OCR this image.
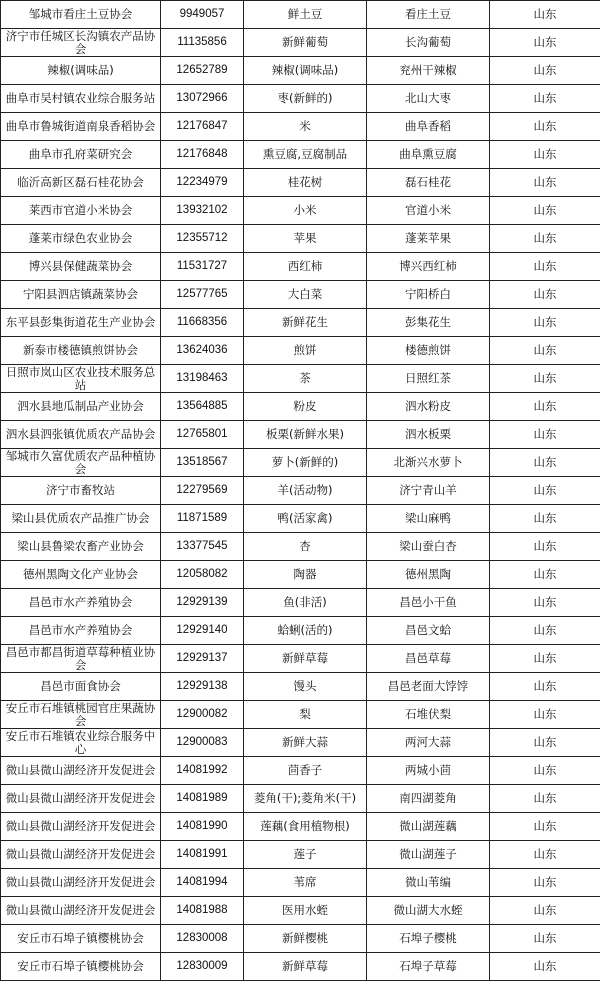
邹城市看庄土豆协会	9949057	鲜土豆	看庄土豆	山东
济宁市任城区长沟镇农产品协会	11135856	新鲜葡萄	长沟葡萄	山东
辣椒(调味品)	12652789	辣椒(调味品)	兖州干辣椒	山东
曲阜市吴村镇农业综合服务站	13072966	枣(新鲜的)	北山大枣	山东
曲阜市鲁城街道南泉香稻协会	12176847	米	曲阜香稻	山东
曲阜市孔府菜研究会	12176848	熏豆腐,豆腐制品	曲阜熏豆腐	山东
临沂高新区磊石桂花协会	12234979	桂花树	磊石桂花	山东
莱西市官道小米协会	13932102	小米	官道小米	山东
蓬莱市绿色农业协会	12355712	苹果	蓬莱苹果	山东
博兴县保健蔬菜协会	11531727	西红柿	博兴西红柿	山东
宁阳县泗店镇蔬菜协会	12577765	大白菜	宁阳桥白	山东
东平县彭集街道花生产业协会	11668356	新鲜花生	彭集花生	山东
新泰市楼德镇煎饼协会	13624036	煎饼	楼德煎饼	山东
日照市岚山区农业技术服务总站	13198463	茶	日照红茶	山东
泗水县地瓜制品产业协会	13564885	粉皮	泗水粉皮	山东
泗水县泗张镇优质农产品协会	12765801	板栗(新鲜水果)	泗水板栗	山东
邹城市久富优质农产品种植协会	13518567	萝卜(新鲜的)	北渐兴水萝卜	山东
济宁市畜牧站	12279569	羊(活动物)	济宁青山羊	山东
梁山县优质农产品推广协会	11871589	鸭(活家禽)	梁山麻鸭	山东
梁山县鲁梁农畜产业协会	13377545	杏	梁山蚕白杏	山东
德州黑陶文化产业协会	12058082	陶器	德州黑陶	山东
昌邑市水产养殖协会	12929139	鱼(非活)	昌邑小干鱼	山东
昌邑市水产养殖协会	12929140	蛤蜊(活的)	昌邑文蛤	山东
昌邑市都昌街道草莓种植业协会	12929137	新鲜草莓	昌邑草莓	山东
昌邑市面食协会	12929138	馒头	昌邑老面大饽饽	山东
安丘市石堆镇桃园官庄果蔬协会	12900082	梨	石堆伏梨	山东
安丘市石堆镇农业综合服务中心	12900083	新鲜大蒜	两河大蒜	山东
微山县微山湖经济开发促进会	14081992	茴香子	两城小茴	山东
微山县微山湖经济开发促进会	14081989	菱角(干);菱角米(干)	南四湖菱角	山东
微山县微山湖经济开发促进会	14081990	莲藕(食用植物根)	微山湖莲藕	山东
微山县微山湖经济开发促进会	14081991	莲子	微山湖莲子	山东
微山县微山湖经济开发促进会	14081994	苇席	微山苇编	山东
微山县微山湖经济开发促进会	14081988	医用水蛭	微山湖大水蛭	山东
安丘市石埠子镇樱桃协会	12830008	新鲜樱桃	石埠子樱桃	山东
安丘市石埠子镇樱桃协会	12830009	新鲜草莓	石埠子草莓	山东
